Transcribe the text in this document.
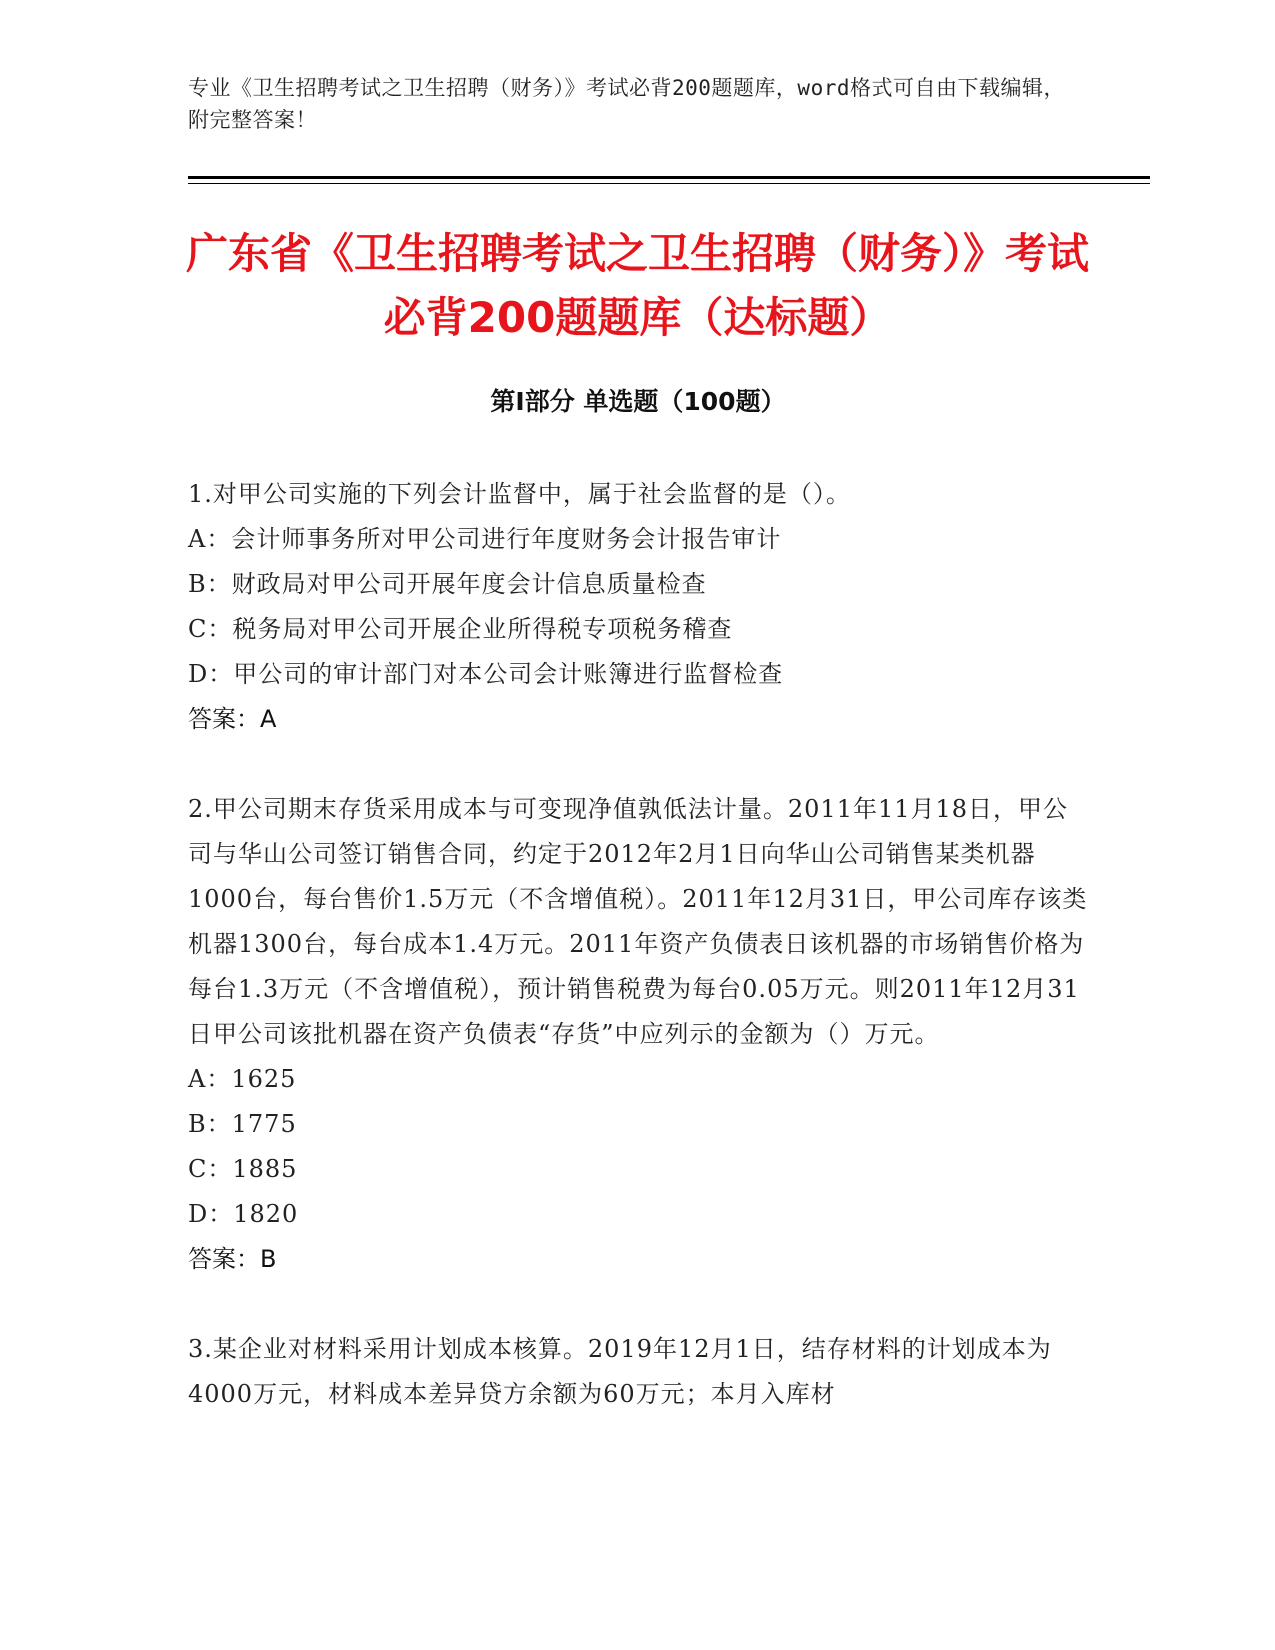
专业《卫生招聘考试之卫生招聘（财务）》考试必背200题题库，word格式可自由下载编辑，附完整答案！
广东省《卫生招聘考试之卫生招聘（财务）》考试必背200题题库（达标题）
第I部分 单选题（100题）

1.对甲公司实施的下列会计监督中，属于社会监督的是（）。

A：会计师事务所对甲公司进行年度财务会计报告审计

B：财政局对甲公司开展年度会计信息质量检查

C：税务局对甲公司开展企业所得税专项税务稽查

D：甲公司的审计部门对本公司会计账簿进行监督检查

答案：A

2.甲公司期末存货采用成本与可变现净值孰低法计量。2011年11月18日，甲公司与华山公司签订销售合同，约定于2012年2月1日向华山公司销售某类机器1000台，每台售价1.5万元（不含增值税）。2011年12月31日，甲公司库存该类机器1300台，每台成本1.4万元。2011年资产负债表日该机器的市场销售价格为每台1.3万元（不含增值税），预计销售税费为每台0.05万元。则2011年12月31日甲公司该批机器在资产负债表“存货”中应列示的金额为（）万元。

A：1625

B：1775

C：1885

D：1820

答案：B

3.某企业对材料采用计划成本核算。2019年12月1日，结存材料的计划成本为4000万元，材料成本差异贷方余额为60万元；本月入库材
